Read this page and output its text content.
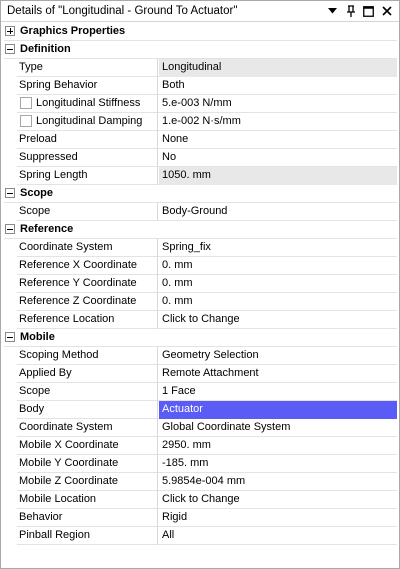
Details of "Longitudinal - Ground To Actuator"
Graphics Properties
Definition
Type	Longitudinal
Spring Behavior	Both
Longitudinal Stiffness 5.e-003 N/mm
Longitudinal Damping 1.e-002 N·s/mm
Preload	None
Suppressed	No
Spring Length	1050. mm
Scope
Scope	Body-Ground
Reference
Coordinate System	Spring_fix
Reference X Coordinate 0. mm
Reference Y Coordinate 0. mm
Reference Z Coordinate 0. mm
Reference Location	Click to Change
Mobile
Scoping Method	Geometry Selection
Applied By	Remote Attachment
Scope	1 Face
Body	Actuator
Coordinate System	Global Coordinate System
Mobile X Coordinate	2950. mm
Mobile Y Coordinate	-185. mm
Mobile Z Coordinate	5.9854e-004 mm
Mobile Location	Click to Change
Behavior	Rigid
Pinball Region	All
